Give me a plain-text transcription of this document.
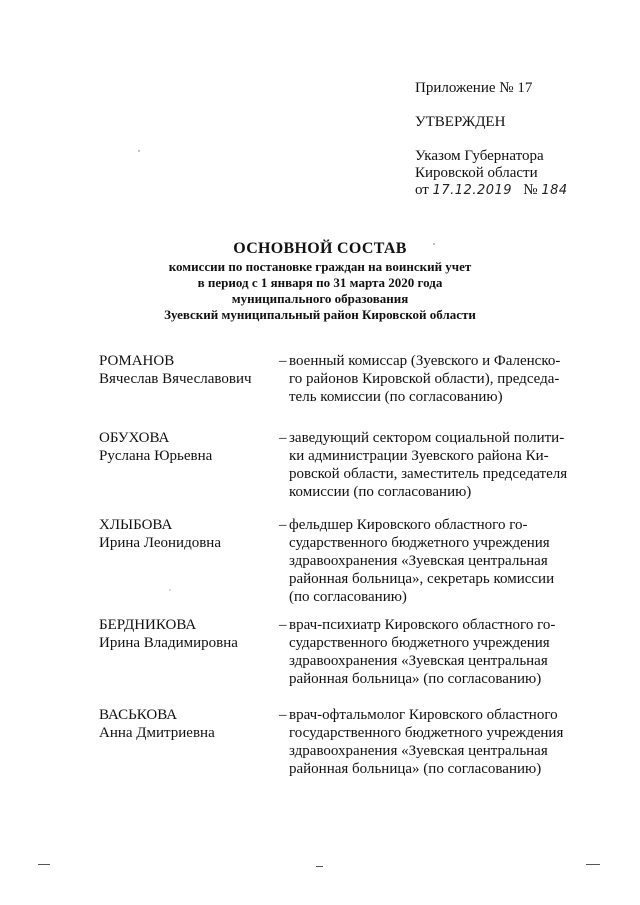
Приложение № 17
УТВЕРЖДЕН
Указом Губернатора
Кировской области
от 17.12.2019 № 184
ОСНОВНОЙ СОСТАВ
комиссии по постановке граждан на воинский учет
в период с 1 января по 31 марта 2020 года
муниципального образования
Зуевский муниципальный район Кировской области
РОМАНОВ
Вячеслав Вячеславович
– военный комиссар (Зуевского и Фаленско-
го районов Кировской области), председа-
тель комиссии (по согласованию)
ОБУХОВА
Руслана Юрьевна
– заведующий сектором социальной полити-
ки администрации Зуевского района Ки-
ровской области, заместитель председателя
комиссии (по согласованию)
ХЛЫБОВА
Ирина Леонидовна
– фельдшер Кировского областного го-
сударственного бюджетного учреждения
здравоохранения «Зуевская центральная
районная больница», секретарь комиссии
(по согласованию)
БЕРДНИКОВА
Ирина Владимировна
– врач-психиатр Кировского областного го-
сударственного бюджетного учреждения
здравоохранения «Зуевская центральная
районная больница» (по согласованию)
ВАСЬКОВА
Анна Дмитриевна
– врач-офтальмолог Кировского областного
государственного бюджетного учреждения
здравоохранения «Зуевская центральная
районная больница» (по согласованию)
